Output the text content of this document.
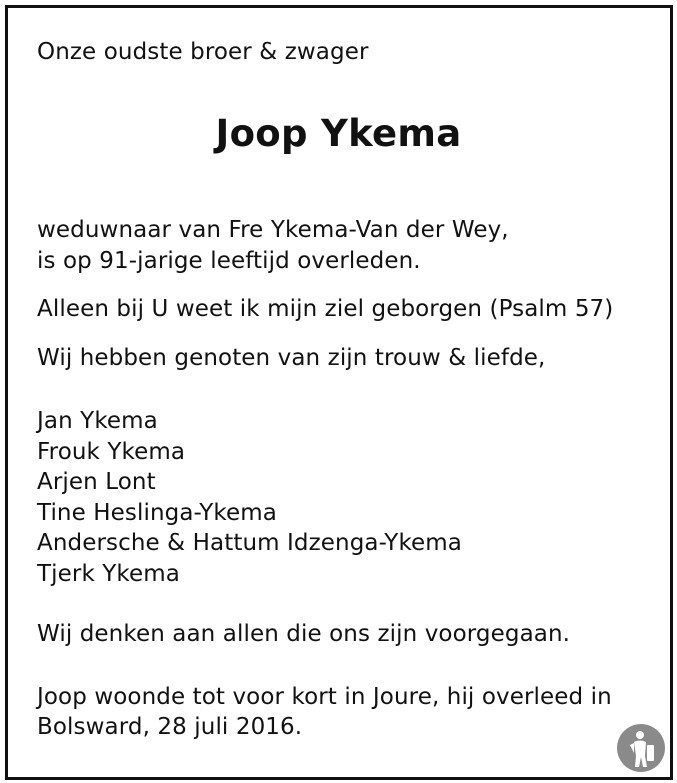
Onze oudste broer & zwager
Joop Ykema
weduwnaar van Fre Ykema-Van der Wey,
is op 91-jarige leeftijd overleden.
Alleen bij U weet ik mijn ziel geborgen (Psalm 57)
Wij hebben genoten van zijn trouw & liefde,
Jan Ykema
Frouk Ykema
Arjen Lont
Tine Heslinga-Ykema
Andersche & Hattum Idzenga-Ykema
Tjerk Ykema
Wij denken aan allen die ons zijn voorgegaan.
Joop woonde tot voor kort in Joure, hij overleed in
Bolsward, 28 juli 2016.
